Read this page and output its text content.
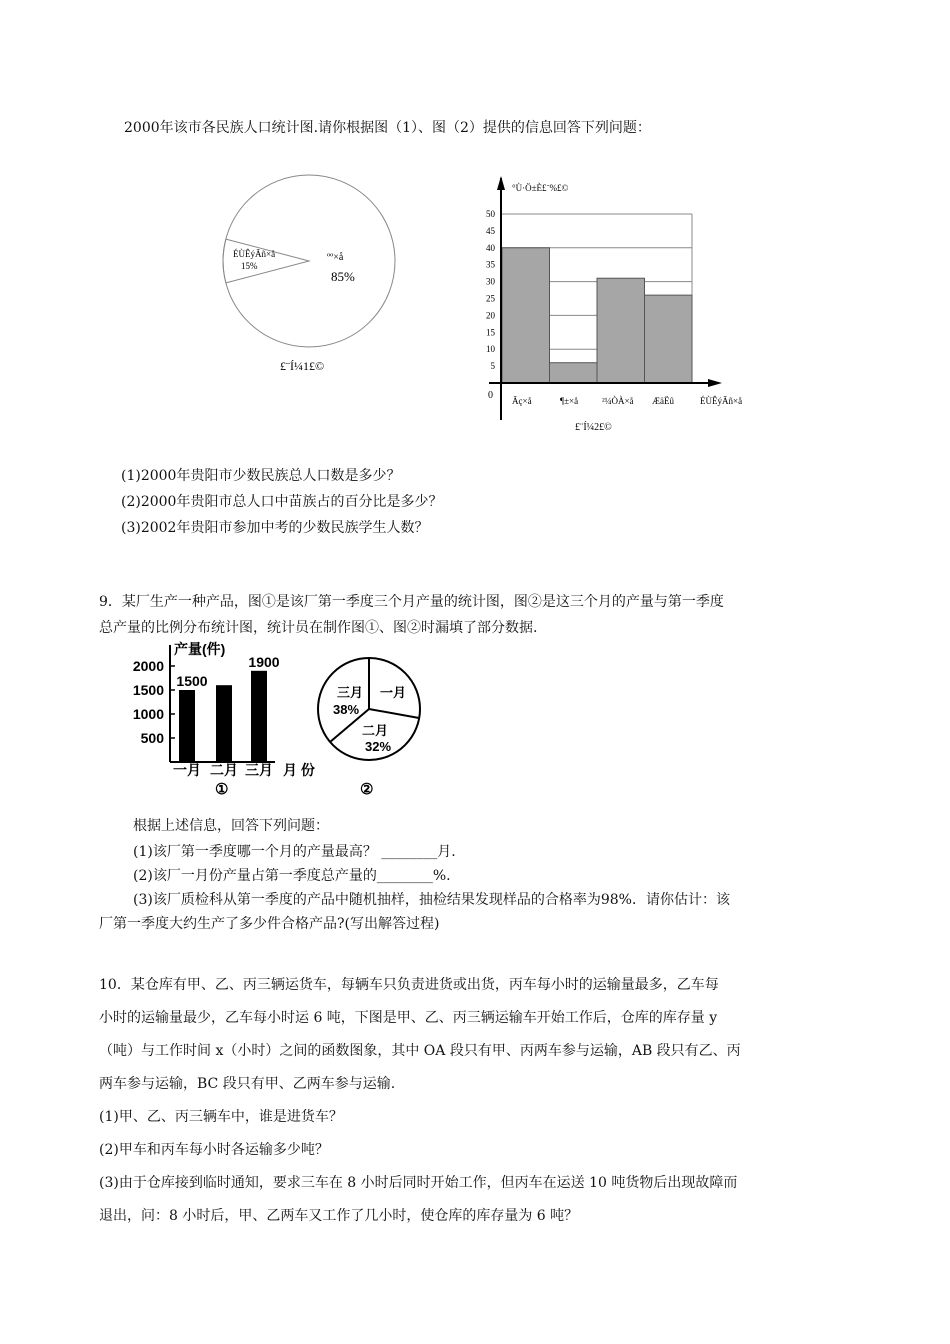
2000年该市各民族人口统计图.请你根据图（1）、图（2）提供的信息回答下列问题：
ºº×å
85%
ÉÙÊýÃñ×å
15%
£¨Í¼1£©
°Ù·Ö±È£¨%£©
0
5
10
15
20
25
30
35
40
45
50
Ãç×å	¶±×å	²¼ÒÀ×å ÆäËû	ÉÙÊýÃñ×å
£¨Í¼2£©
(1)2000年贵阳市少数民族总人口数是多少？
(2)2000年贵阳市总人口中苗族占的百分比是多少？
(3)2002年贵阳市参加中考的少数民族学生人数？
9．某厂生产一种产品，图①是该厂第一季度三个月产量的统计图，图②是这三个月的产量与第一季度
总产量的比例分布统计图，统计员在制作图①、图②时漏填了部分数据.
500
1000
1500
2000
1500
1900
一月 二月 三月
产量(件)
月 份
①
一月
三月
38%
二月
32%
②
根据上述信息，回答下列问题：
(1)该厂第一季度哪一个月的产量最高？ ________月.
(2)该厂一月份产量占第一季度总产量的________%.
(3)该厂质检科从第一季度的产品中随机抽样，抽检结果发现样品的合格率为98%．请你估计：该
厂第一季度大约生产了多少件合格产品?(写出解答过程)
10．某仓库有甲、乙、丙三辆运货车，每辆车只负责进货或出货，丙车每小时的运输量最多，乙车每
小时的运输量最少，乙车每小时运 6 吨，下图是甲、乙、丙三辆运输车开始工作后，仓库的库存量 y
（吨）与工作时间 x（小时）之间的函数图象，其中 OA 段只有甲、丙两车参与运输，AB 段只有乙、丙
两车参与运输，BC 段只有甲、乙两车参与运输.
(1)甲、乙、丙三辆车中，谁是进货车？
(2)甲车和丙车每小时各运输多少吨？
(3)由于仓库接到临时通知，要求三车在 8 小时后同时开始工作，但丙车在运送 10 吨货物后出现故障而
退出，问：8 小时后，甲、乙两车又工作了几小时，使仓库的库存量为 6 吨？
